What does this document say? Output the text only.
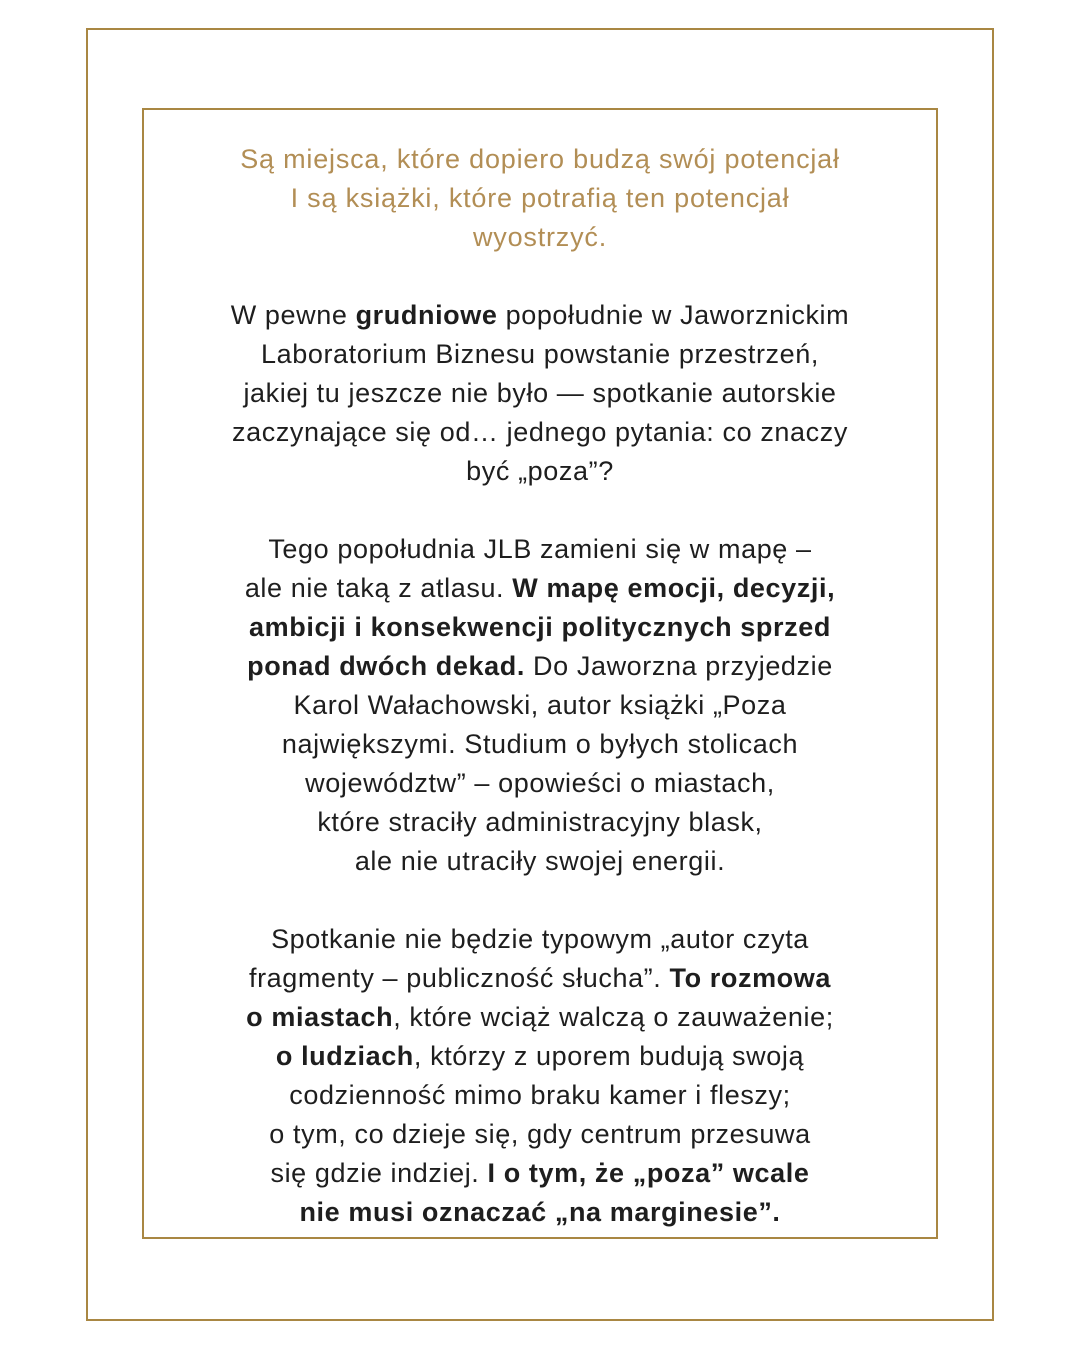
Są miejsca, które dopiero budzą swój potencjał
I są książki, które potrafią ten potencjał
wyostrzyć.
W pewne grudniowe popołudnie w Jaworznickim
Laboratorium Biznesu powstanie przestrzeń,
jakiej tu jeszcze nie było — spotkanie autorskie
zaczynające się od… jednego pytania: co znaczy
być „poza”?
Tego popołudnia JLB zamieni się w mapę –
ale nie taką z atlasu. W mapę emocji, decyzji,
ambicji i konsekwencji politycznych sprzed
ponad dwóch dekad. Do Jaworzna przyjedzie
Karol Wałachowski, autor książki „Poza
największymi. Studium o byłych stolicach
województw” – opowieści o miastach,
które straciły administracyjny blask,
ale nie utraciły swojej energii.
Spotkanie nie będzie typowym „autor czyta
fragmenty – publiczność słucha”. To rozmowa
o miastach, które wciąż walczą o zauważenie;
o ludziach, którzy z uporem budują swoją
codzienność mimo braku kamer i fleszy;
o tym, co dzieje się, gdy centrum przesuwa
się gdzie indziej. I o tym, że „poza” wcale
nie musi oznaczać „na marginesie”.
